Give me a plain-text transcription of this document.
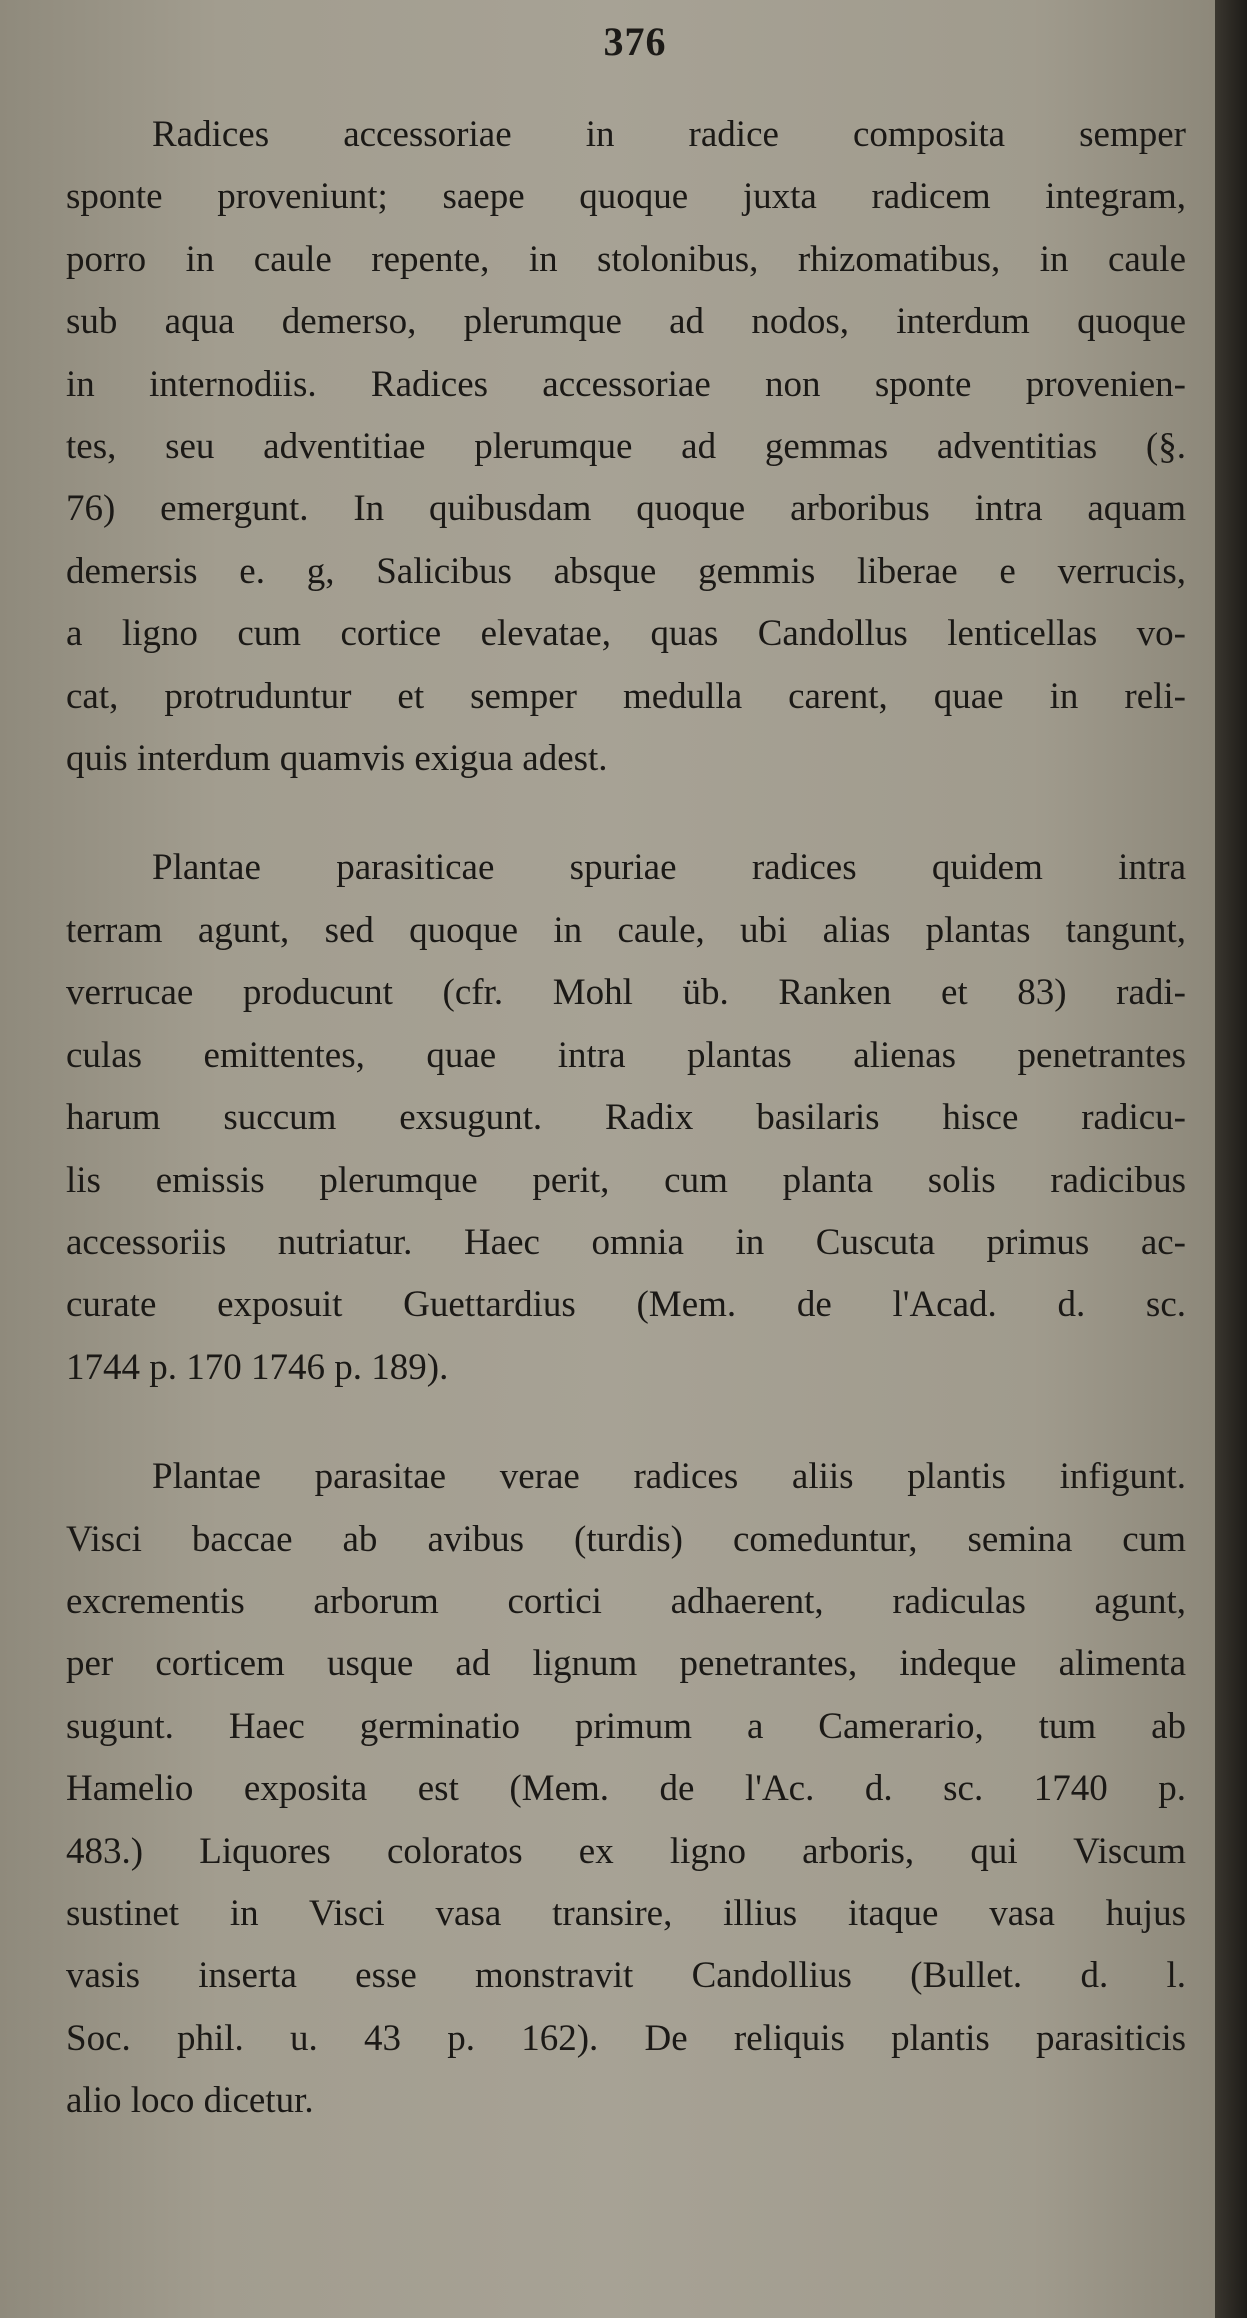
376
Radices accessoriae in radice composita semper
sponte proveniunt; saepe quoque juxta radicem integram,
porro in caule repente, in stolonibus, rhizomatibus, in caule
sub aqua demerso, plerumque ad nodos, interdum quoque
in internodiis. Radices accessoriae non sponte provenien-
tes, seu adventitiae plerumque ad gemmas adventitias (§.
76) emergunt. In quibusdam quoque arboribus intra aquam
demersis e. g, Salicibus absque gemmis liberae e verrucis,
a ligno cum cortice elevatae, quas Candollus lenticellas vo-
cat, protruduntur et semper medulla carent, quae in reli-
quis interdum quamvis exigua adest.
Plantae parasiticae spuriae radices quidem intra
terram agunt, sed quoque in caule, ubi alias plantas tangunt,
verrucae producunt (cfr. Mohl üb. Ranken et 83) radi-
culas emittentes, quae intra plantas alienas penetrantes
harum succum exsugunt. Radix basilaris hisce radicu-
lis emissis plerumque perit, cum planta solis radicibus
accessoriis nutriatur. Haec omnia in Cuscuta primus ac-
curate exposuit Guettardius (Mem. de l'Acad. d. sc.
1744 p. 170 1746 p. 189).
Plantae parasitae verae radices aliis plantis infigunt.
Visci baccae ab avibus (turdis) comeduntur, semina cum
excrementis arborum cortici adhaerent, radiculas agunt,
per corticem usque ad lignum penetrantes, indeque alimenta
sugunt. Haec germinatio primum a Camerario, tum ab
Hamelio exposita est (Mem. de l'Ac. d. sc. 1740 p.
483.) Liquores coloratos ex ligno arboris, qui Viscum
sustinet in Visci vasa transire, illius itaque vasa hujus
vasis inserta esse monstravit Candollius (Bullet. d. l.
Soc. phil. u. 43 p. 162). De reliquis plantis parasiticis
alio loco dicetur.
